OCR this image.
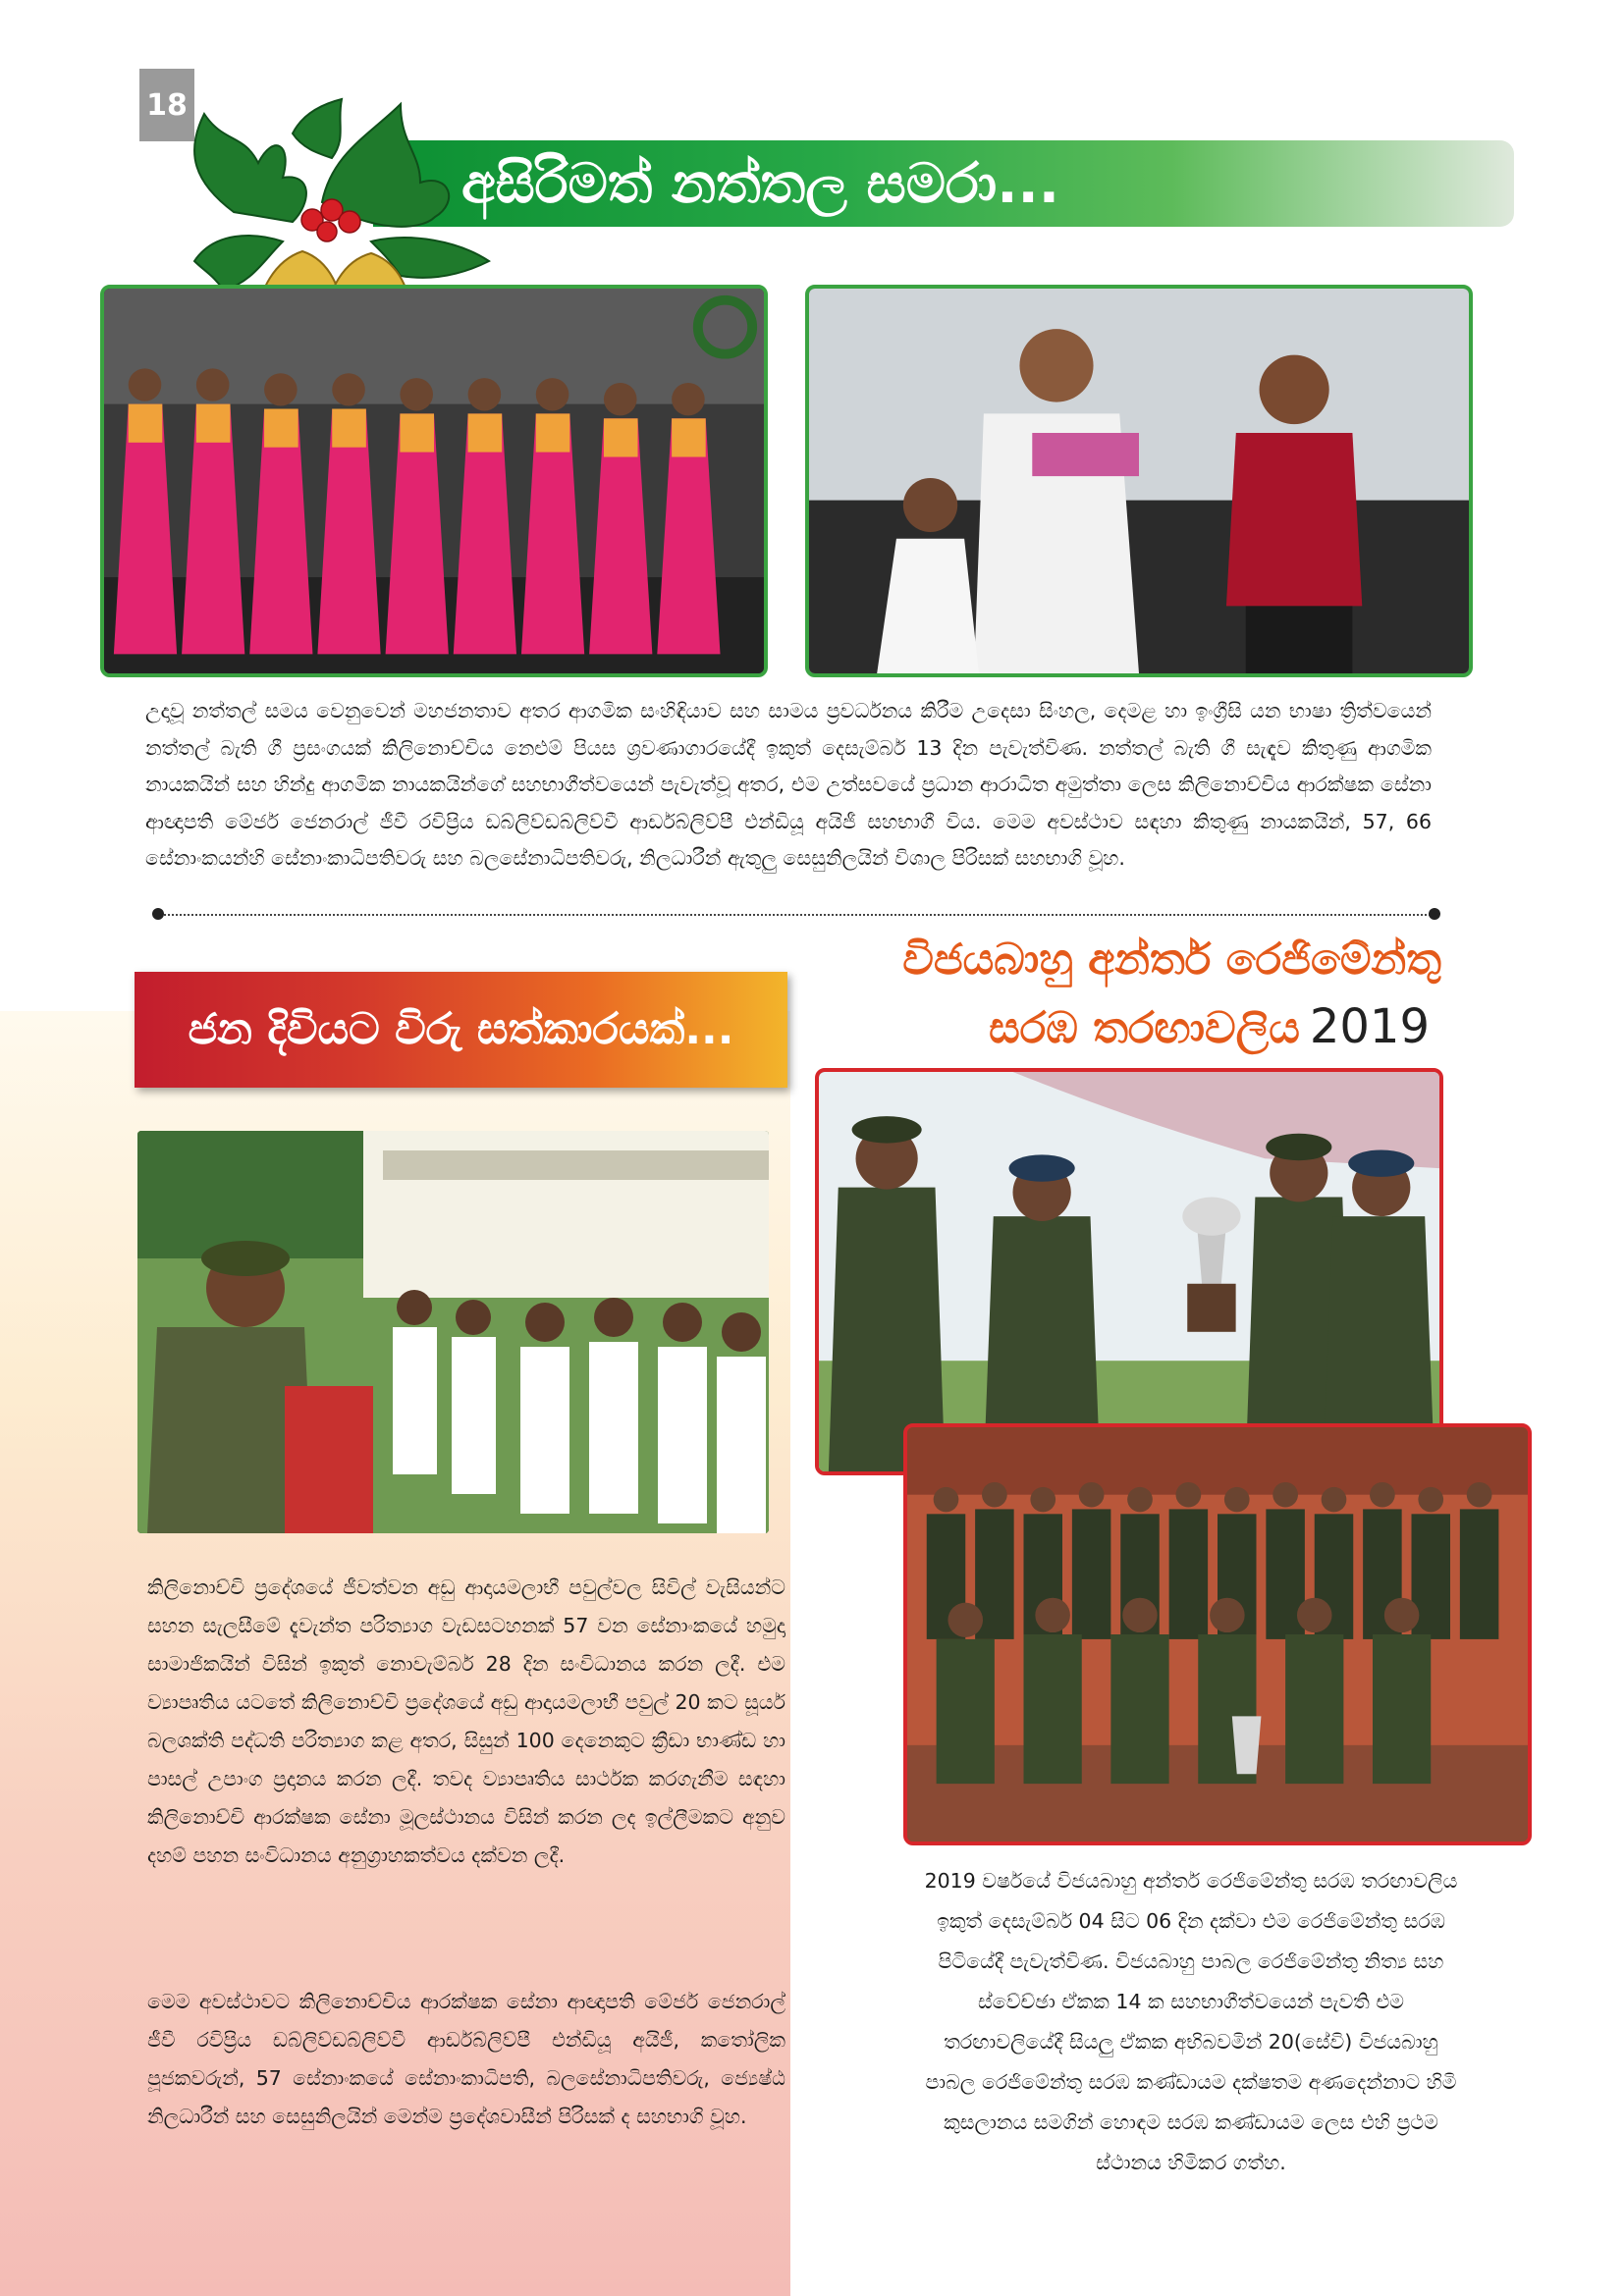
18
අසිරිමත් නත්තල සමරා...

උදාවූ නත්තල් සමය වෙනුවෙන් මහජනතාව අතර ආගමික සංහිඳියාව සහ සාමය ප්‍රවර්ධනය කිරීම උදෙසා සිංහල, දෙමළ හා ඉංග්‍රීසි යන භාෂා ත්‍රිත්වයෙන් නත්තල් බැති ගී ප්‍රසංගයක් කිලිනොච්චිය නෙළුම් පියස ශ්‍රවණාගාරයේදී ඉකුත් දෙසැම්බර් 13 දින පැවැත්විණ. නත්තල් බැති ගී සැඳැව කිතුණු ආගමික නායකයින් සහ හින්දු ආගමික නායකයින්ගේ සහභාගීත්වයෙන් පැවැත්වූ අතර, එම උත්සවයේ ප්‍රධාන ආරාධිත අමුත්තා ලෙස කිලිනොච්චිය ආරක්ෂක සේනා ආඥාපති මේජර් ජෙනරාල් ජීවී රවිප්‍රිය ඩබ්ලිව්ඩබ්ලිව්වී ආර්ඩබ්ලිව්පී එන්ඩියූ අයිජී සහභාගී විය. මෙම අවස්ථාව සඳහා කිතුණු නායකයින්, 57, 66 සේනාංකයන්හි සේනාංකාධිපතිවරු සහ බලසේනාධිපතිවරු, නිලධාරීන් ඇතුලු සෙසුනිලයින් විශාල පිරිසක් සහභාගි වූහ.

ජන දිවියට විරු සත්කාරයක්...
විජයබාහු අන්තර් රෙජිමේන්තු
සරඹ තරඟාවලිය 2019

කිලිනොච්චි ප්‍රදේශයේ ජීවත්වන අඩු ආදායමලාභී පවුල්වල සිවිල් වැසියන්ට සහන සැලසීමේ දැවැන්ත පරිත්‍යාග වැඩසටහනක් 57 වන සේනාංකයේ හමුදා සාමාජිකයින් විසින් ඉකුත් නොවැම්බර් 28 දින සංවිධානය කරන ලදී. එම ව්‍යාපෘතිය යටතේ කිලිනොච්චි ප්‍රදේශයේ අඩු ආදායමලාභී පවුල් 20 කට සූර්ය බලශක්ති පද්ධති පරිත්‍යාග කළ අතර, සිසුන් 100 දෙනෙකුට ක්‍රීඩා භාණ්ඩ හා පාසල් උපාංග ප්‍රදානය කරන ලදී. තවද ව්‍යාපෘතිය සාර්ථක කරගැනීම සඳහා කිලිනොච්චි ආරක්ෂක සේනා මූලස්ථානය විසින් කරන ලද ඉල්ලීමකට අනුව දහම් පහන සංවිධානය අනුග්‍රාහකත්වය දක්වන ලදී.

මෙම අවස්ථාවට කිලිනොච්චිය ආරක්ෂක සේනා ආඥාපති මේජර් ජෙනරාල් ජීවී රවිප්‍රිය ඩබ්ලිව්ඩබ්ලිව්වී ආර්ඩබ්ලිව්පී එන්ඩියූ අයිජී, කතෝලික පූජකවරුන්, 57 සේනාංකයේ සේනාංකාධිපති, බලසේනාධිපතිවරු, ජ්‍යෙෂ්ඨ නිලධාරීන් සහ සෙසුනිලයින් මෙන්ම ප්‍රදේශවාසීන් පිරිසක් ද සහභාගි වූහ.

2019 වර්ෂයේ විජයබාහු අන්තර් රෙජිමේන්තු සරඹ තරඟාවලිය ඉකුත් දෙසැම්බර් 04 සිට 06 දින දක්වා එම රෙජිමේන්තු සරඹ පිටියේදී පැවැත්විණ. විජයබාහු පාබල රෙජිමේන්තු නිත්‍ය සහ ස්වේච්ඡා ඒකක 14 ක සහභාගීත්වයෙන් පැවති එම තරඟාවලියේදී සියලු ඒකක අභිබවමින් 20(සේවි) විජයබාහු පාබල රෙජිමේන්තු සරඹ කණ්ඩායම දක්ෂතම අණදෙන්නාට හිමි කුසලානය සමගින් හොඳම සරඹ කණ්ඩායම ලෙස එහි ප්‍රථම ස්ථානය හිමිකර ගත්හ.
